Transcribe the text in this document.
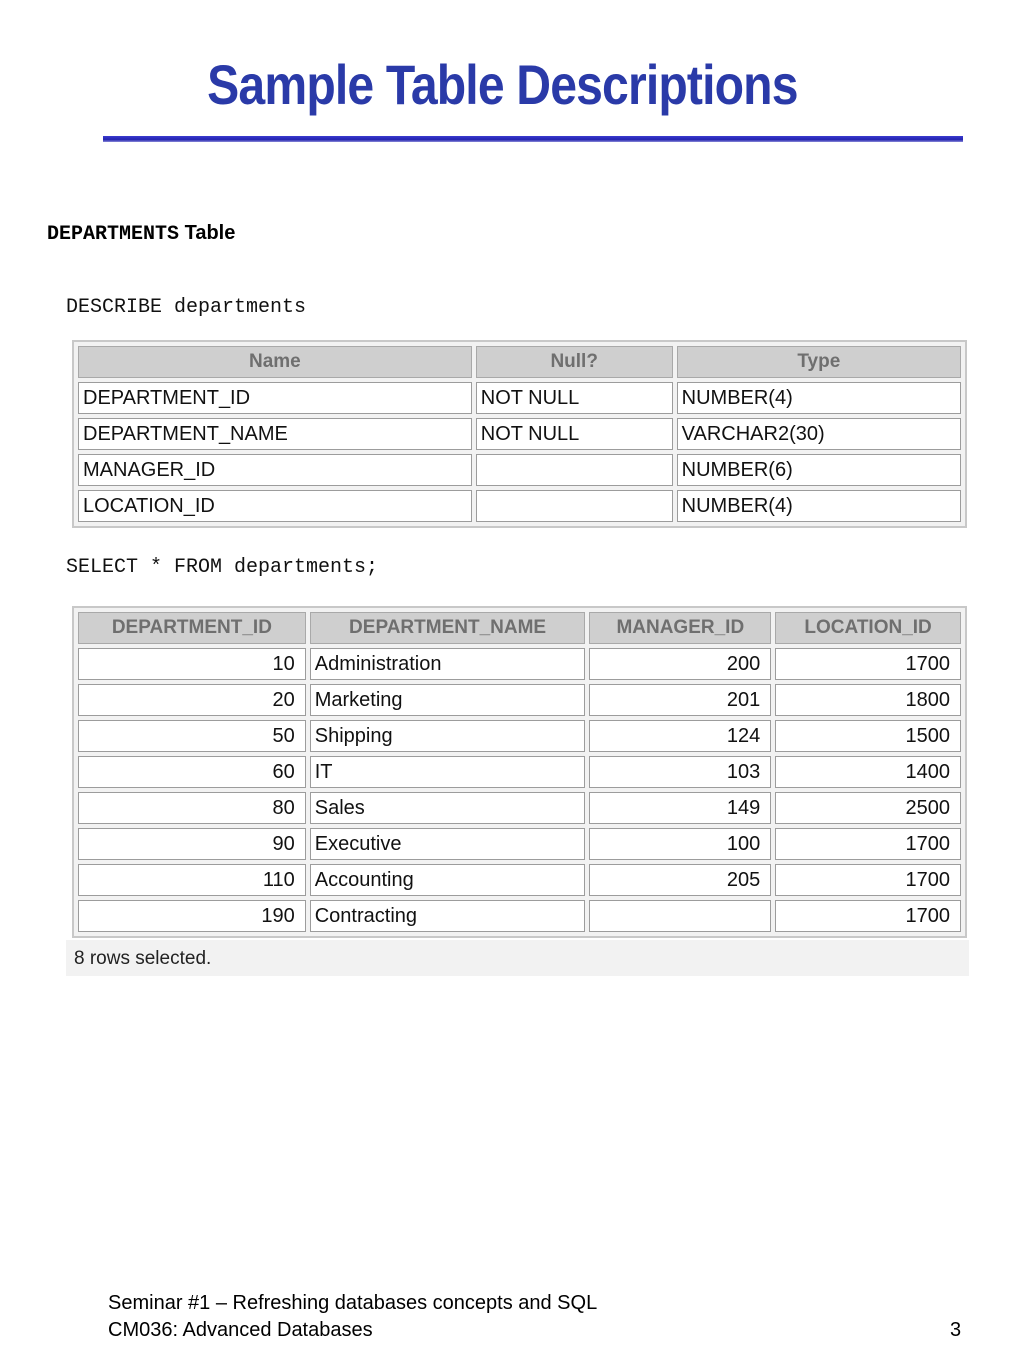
Sample Table Descriptions
DEPARTMENTS Table
DESCRIBE departments
Name	Null?	Type
DEPARTMENT_ID	NOT NULL	NUMBER(4)
DEPARTMENT_NAME	NOT NULL	VARCHAR2(30)
MANAGER_ID		NUMBER(6)
LOCATION_ID		NUMBER(4)
SELECT * FROM departments;
DEPARTMENT_ID	DEPARTMENT_NAME	MANAGER_ID	LOCATION_ID
10	Administration	200	1700
20	Marketing	201	1800
50	Shipping	124	1500
60	IT	103	1400
80	Sales	149	2500
90	Executive	100	1700
110	Accounting	205	1700
190	Contracting		1700
8 rows selected.
Seminar #1 – Refreshing databases concepts and SQL
CM036: Advanced Databases	3
